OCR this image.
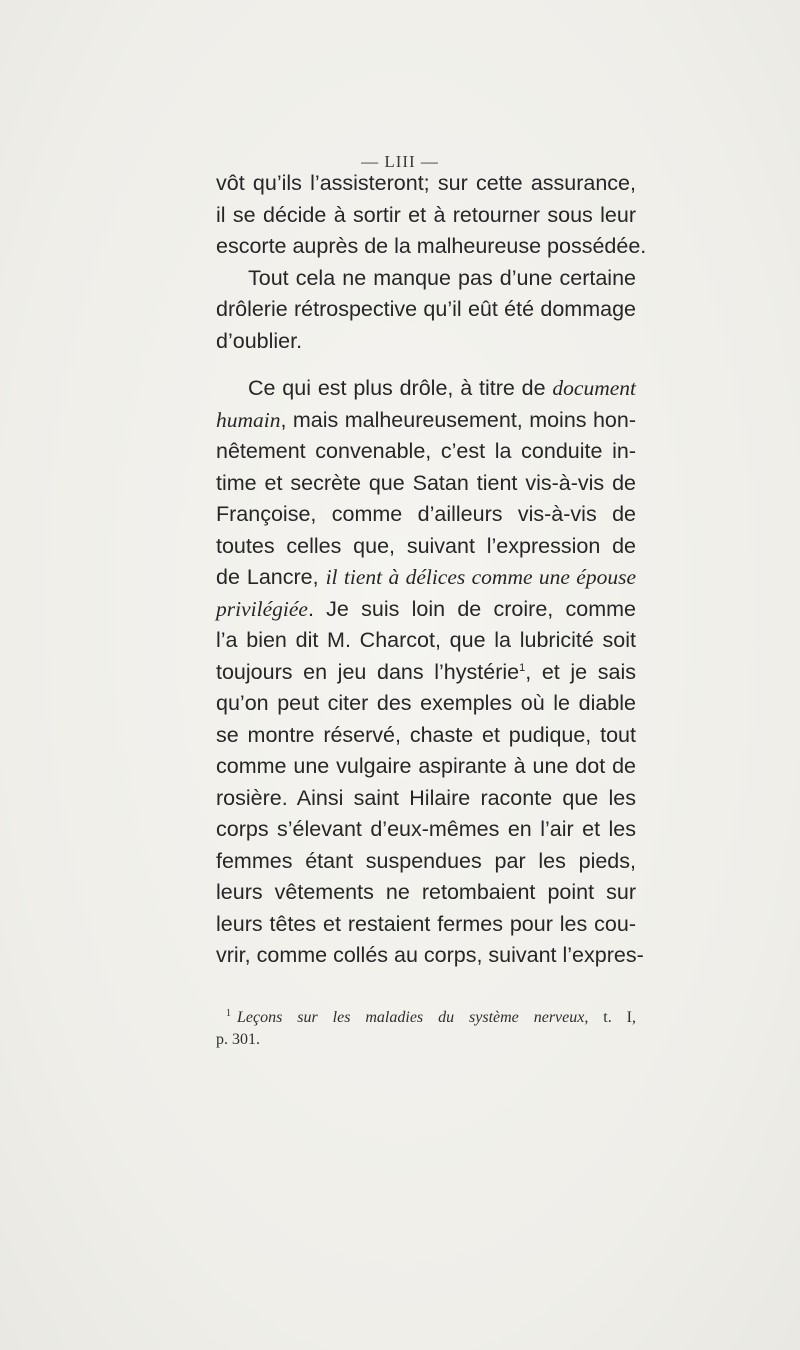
— LIII —
vôt qu’ils l’assisteront; sur cette assurance,
il se décide à sortir et à retourner sous leur
escorte auprès de la malheureuse possédée.
Tout cela ne manque pas d’une certaine
drôlerie rétrospective qu’il eût été dommage
d’oublier.
Ce qui est plus drôle, à titre de document
humain, mais malheureusement, moins hon-
nêtement convenable, c’est la conduite in-
time et secrète que Satan tient vis-à-vis de
Françoise, comme d’ailleurs vis-à-vis de
toutes celles que, suivant l’expression de
de Lancre, il tient à délices comme une épouse
privilégiée. Je suis loin de croire, comme
l’a bien dit M. Charcot, que la lubricité soit
toujours en jeu dans l’hystérie$^1$, et je sais
qu’on peut citer des exemples où le diable
se montre réservé, chaste et pudique, tout
comme une vulgaire aspirante à une dot de
rosière. Ainsi saint Hilaire raconte que les
corps s’élevant d’eux-mêmes en l’air et les
femmes étant suspendues par les pieds,
leurs vêtements ne retombaient point sur
leurs têtes et restaient fermes pour les cou-
vrir, comme collés au corps, suivant l’expres-
$^1$ Leçons sur les maladies du système nerveux, t. I,
p. 301.
